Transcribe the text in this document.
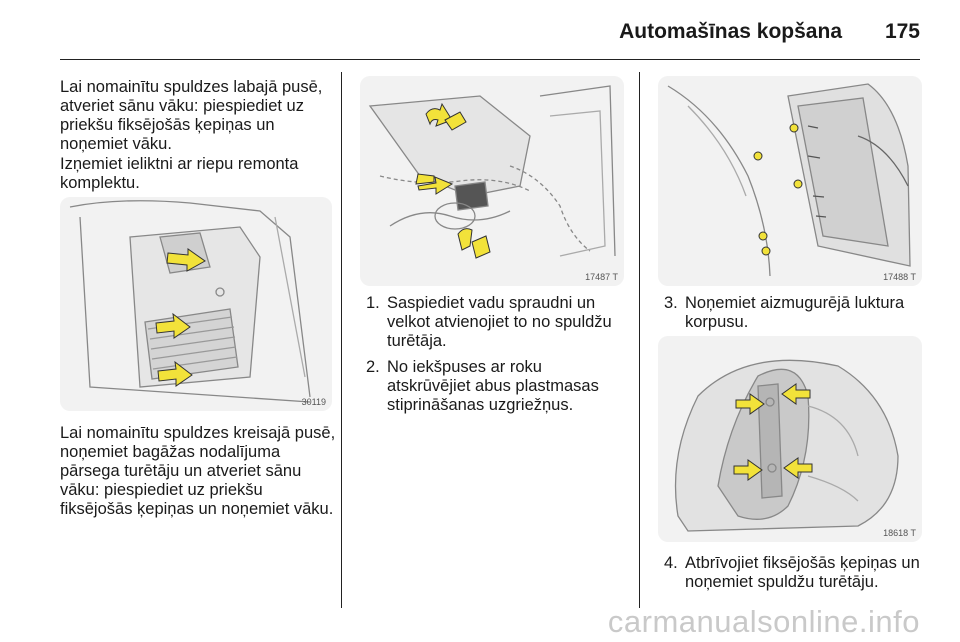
Automašīnas kopšana 175

Lai nomainītu spuldzes labajā pusē, atveriet sānu vāku: piespiediet uz priekšu fiksējošās ķepiņas un noņemiet vāku.

Izņemiet ieliktni ar riepu remonta komplektu.

30119

Lai nomainītu spuldzes kreisajā pusē, noņemiet bagāžas nodalījuma pārsega turētāju un atveriet sānu vāku: piespiediet uz priekšu fiksējošās ķepiņas un noņemiet vāku.

17487 T
1. Saspiediet vadu spraudni un velkot atvienojiet to no spuldžu turētāja.
2. No iekšpuses ar roku atskrūvējiet abus plastmasas stiprināšanas uzgriežņus.
17488 T
3. Noņemiet aizmugurējā luktura korpusu.
18618 T
4. Atbrīvojiet fiksējošās ķepiņas un noņemiet spuldžu turētāju.
carmanualsonline.info
